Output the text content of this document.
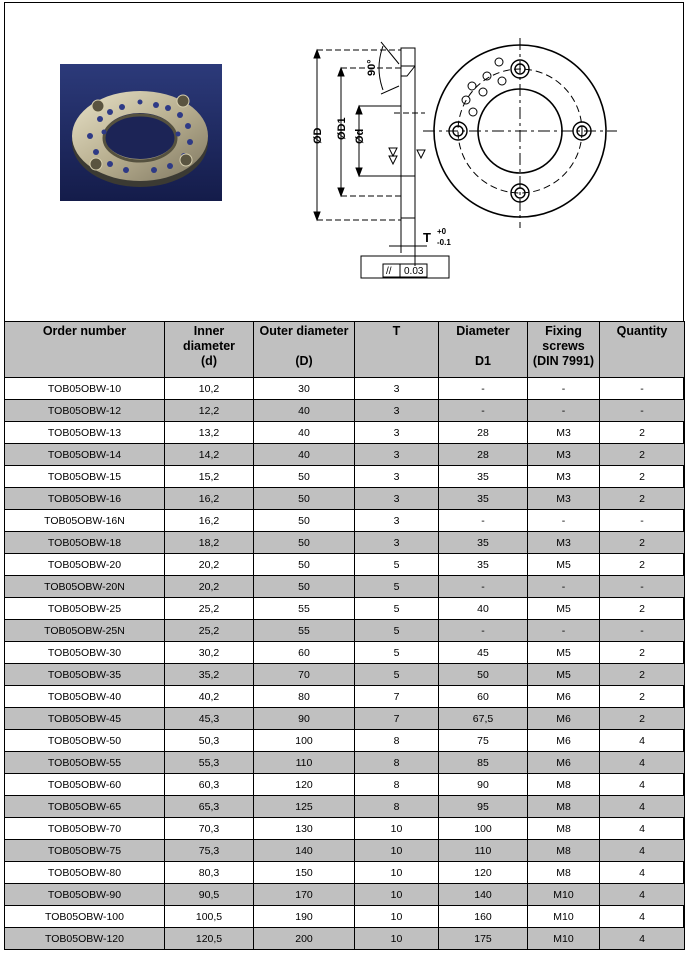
90°
ØD ØD1 Ød
T +0
-0.1
// 0.03
Order number	Inner
diameter
(d)	Outer diameter
(D)	T	Diameter
D1	Fixing
screws
(DIN 7991)	Quantity
TOB05OBW-10	10,2	30	3	-	-	-
TOB05OBW-12	12,2	40	3	-	-	-
TOB05OBW-13	13,2	40	3	28	M3	2
TOB05OBW-14	14,2	40	3	28	M3	2
TOB05OBW-15	15,2	50	3	35	M3	2
TOB05OBW-16	16,2	50	3	35	M3	2
TOB05OBW-16N	16,2	50	3	-	-	-
TOB05OBW-18	18,2	50	3	35	M3	2
TOB05OBW-20	20,2	50	5	35	M5	2
TOB05OBW-20N	20,2	50	5	-	-	-
TOB05OBW-25	25,2	55	5	40	M5	2
TOB05OBW-25N	25,2	55	5	-	-	-
TOB05OBW-30	30,2	60	5	45	M5	2
TOB05OBW-35	35,2	70	5	50	M5	2
TOB05OBW-40	40,2	80	7	60	M6	2
TOB05OBW-45	45,3	90	7	67,5	M6	2
TOB05OBW-50	50,3	100	8	75	M6	4
TOB05OBW-55	55,3	110	8	85	M6	4
TOB05OBW-60	60,3	120	8	90	M8	4
TOB05OBW-65	65,3	125	8	95	M8	4
TOB05OBW-70	70,3	130	10	100	M8	4
TOB05OBW-75	75,3	140	10	110	M8	4
TOB05OBW-80	80,3	150	10	120	M8	4
TOB05OBW-90	90,5	170	10	140	M10	4
TOB05OBW-100	100,5	190	10	160	M10	4
TOB05OBW-120	120,5	200	10	175	M10	4
